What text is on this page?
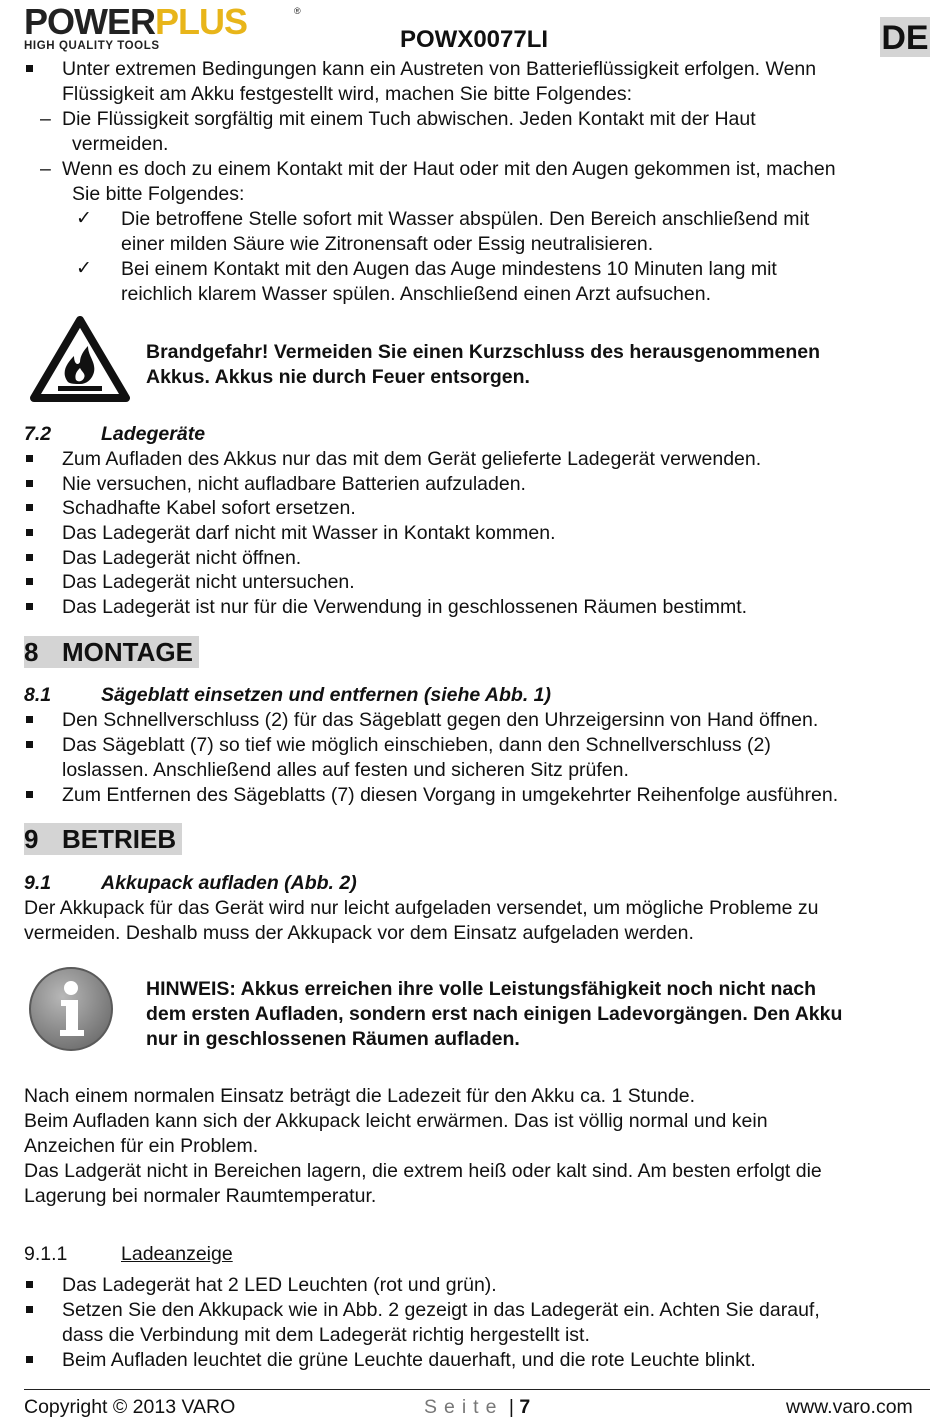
POWERPLUS
HIGH QUALITY TOOLS
®
POWX0077LI	DE
Unter extremen Bedingungen kann ein Austreten von Batterieflüssigkeit erfolgen. Wenn
Flüssigkeit am Akku festgestellt wird, machen Sie bitte Folgendes:
– Die Flüssigkeit sorgfältig mit einem Tuch abwischen. Jeden Kontakt mit der Haut
vermeiden.
– Wenn es doch zu einem Kontakt mit der Haut oder mit den Augen gekommen ist, machen
Sie bitte Folgendes:
✓ Die betroffene Stelle sofort mit Wasser abspülen. Den Bereich anschließend mit
einer milden Säure wie Zitronensaft oder Essig neutralisieren.
✓ Bei einem Kontakt mit den Augen das Auge mindestens 10 Minuten lang mit
reichlich klarem Wasser spülen. Anschließend einen Arzt aufsuchen.
Brandgefahr! Vermeiden Sie einen Kurzschluss des herausgenommenen
Akkus. Akkus nie durch Feuer entsorgen.
7.2	Ladegeräte
Zum Aufladen des Akkus nur das mit dem Gerät gelieferte Ladegerät verwenden.
Nie versuchen, nicht aufladbare Batterien aufzuladen.
Schadhafte Kabel sofort ersetzen.
Das Ladegerät darf nicht mit Wasser in Kontakt kommen.
Das Ladegerät nicht öffnen.
Das Ladegerät nicht untersuchen.
Das Ladegerät ist nur für die Verwendung in geschlossenen Räumen bestimmt.
8 MONTAGE
8.1	Sägeblatt einsetzen und entfernen (siehe Abb. 1)
Den Schnellverschluss (2) für das Sägeblatt gegen den Uhrzeigersinn von Hand öffnen.
Das Sägeblatt (7) so tief wie möglich einschieben, dann den Schnellverschluss (2)
loslassen. Anschließend alles auf festen und sicheren Sitz prüfen.
Zum Entfernen des Sägeblatts (7) diesen Vorgang in umgekehrter Reihenfolge ausführen.
9 BETRIEB
9.1	Akkupack aufladen (Abb. 2)
Der Akkupack für das Gerät wird nur leicht aufgeladen versendet, um mögliche Probleme zu
vermeiden. Deshalb muss der Akkupack vor dem Einsatz aufgeladen werden.
HINWEIS: Akkus erreichen ihre volle Leistungsfähigkeit noch nicht nach
dem ersten Aufladen, sondern erst nach einigen Ladevorgängen. Den Akku
nur in geschlossenen Räumen aufladen.
Nach einem normalen Einsatz beträgt die Ladezeit für den Akku ca. 1 Stunde.
Beim Aufladen kann sich der Akkupack leicht erwärmen. Das ist völlig normal und kein
Anzeichen für ein Problem.
Das Ladgerät nicht in Bereichen lagern, die extrem heiß oder kalt sind. Am besten erfolgt die
Lagerung bei normaler Raumtemperatur.
9.1.1	Ladeanzeige
Das Ladegerät hat 2 LED Leuchten (rot und grün).
Setzen Sie den Akkupack wie in Abb. 2 gezeigt in das Ladegerät ein. Achten Sie darauf,
dass die Verbindung mit dem Ladegerät richtig hergestellt ist.
Beim Aufladen leuchtet die grüne Leuchte dauerhaft, und die rote Leuchte blinkt.
Copyright © 2013 VARO	Seite | 7	www.varo.com
